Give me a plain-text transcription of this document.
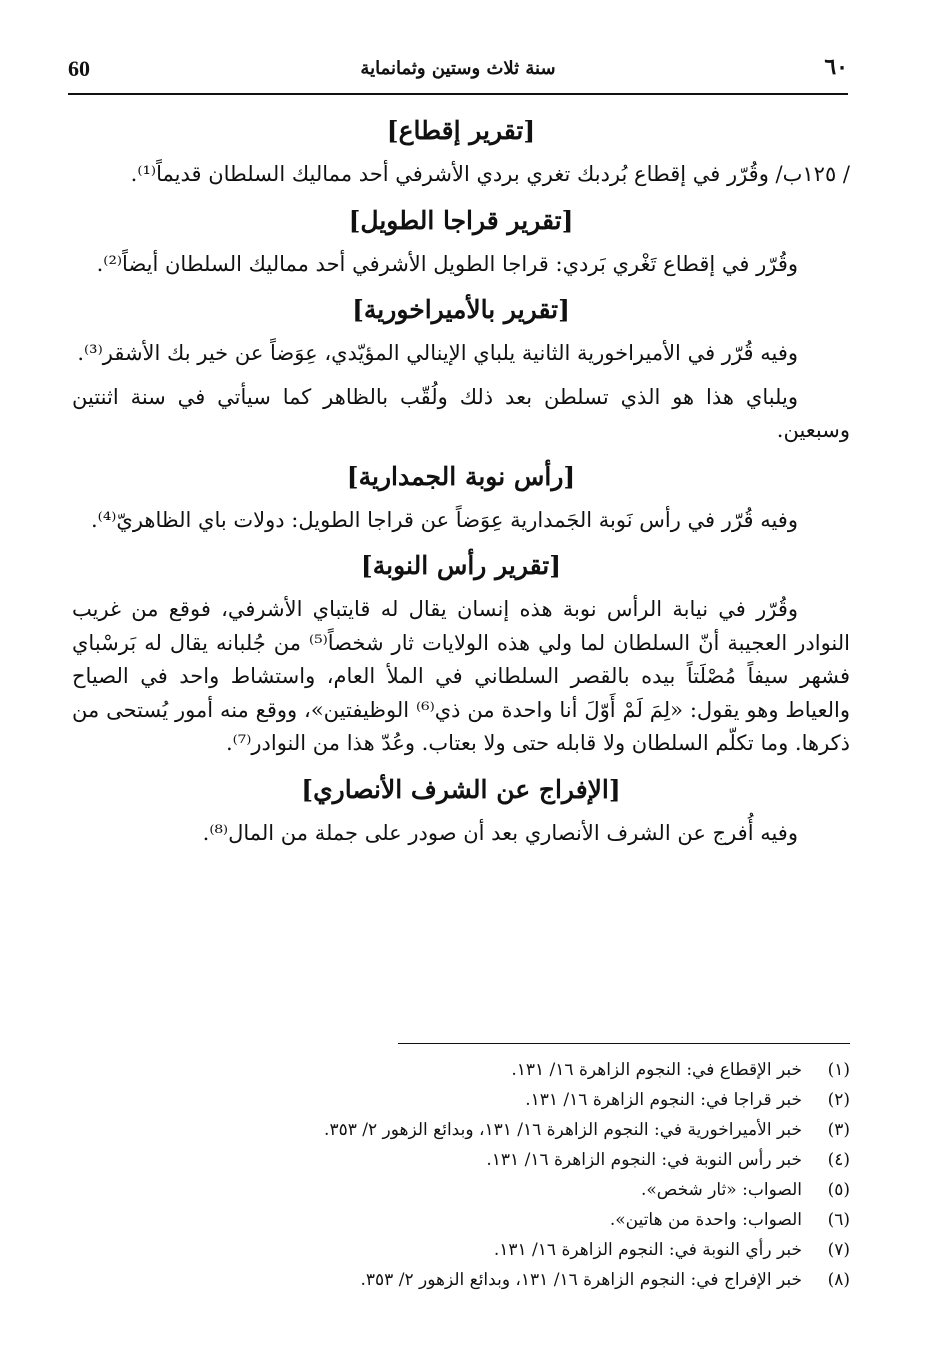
60	سنة ثلاث وستين وثمانماية	٦٠
[تقرير إقطاع]

/ ١٢٥ب/ وقُرّر في إقطاع بُردبك تغري بردي الأشرفي أحد مماليك السلطان قديماً⁽¹⁾.

[تقرير قراجا الطويل]

وقُرّر في إقطاع تَغْري بَردي: قراجا الطويل الأشرفي أحد مماليك السلطان أيضاً⁽²⁾.

[تقرير بالأميراخورية]

وفيه قُرّر في الأميراخورية الثانية يلباي الإينالي المؤيّدي، عِوَضاً عن خير بك الأشقر⁽³⁾.

ويلباي هذا هو الذي تسلطن بعد ذلك ولُقّب بالظاهر كما سيأتي في سنة اثنتين وسبعين.

[رأس نوبة الجمدارية]

وفيه قُرّر في رأس نَوبة الجَمدارية عِوَضاً عن قراجا الطويل: دولات باي الظاهريّ⁽⁴⁾.

[تقرير رأس النوبة]

وقُرّر في نيابة الرأس نوبة هذه إنسان يقال له قايتباي الأشرفي، فوقع من غريب النوادر العجيبة أنّ السلطان لما ولي هذه الولايات ثار شخصاً⁽⁵⁾ من جُلبانه يقال له بَرسْباي فشهر سيفاً مُصْلَتاً بيده بالقصر السلطاني في الملأ العام، واستشاط واحد في الصياح والعياط وهو يقول: «لِمَ لَمْ أَوّلَ أنا واحدة من ذي⁽⁶⁾ الوظيفتين»، ووقع منه أمور يُستحى من ذكرها. وما تكلّم السلطان ولا قابله حتى ولا بعتاب. وعُدّ هذا من النوادر⁽⁷⁾.

[الإفراج عن الشرف الأنصاري]

وفيه أُفرج عن الشرف الأنصاري بعد أن صودر على جملة من المال⁽⁸⁾.

(١)
خبر الإقطاع في: النجوم الزاهرة ١٦/ ١٣١.
(٢)
خبر قراجا في: النجوم الزاهرة ١٦/ ١٣١.
(٣)
خبر الأميراخورية في: النجوم الزاهرة ١٦/ ١٣١، وبدائع الزهور ٢/ ٣٥٣.
(٤)
خبر رأس النوبة في: النجوم الزاهرة ١٦/ ١٣١.
(٥)
الصواب: «ثار شخص».
(٦)
الصواب: واحدة من هاتين».
(٧)
خبر رأي النوبة في: النجوم الزاهرة ١٦/ ١٣١.
(٨)
خبر الإفراج في: النجوم الزاهرة ١٦/ ١٣١، وبدائع الزهور ٢/ ٣٥٣.
